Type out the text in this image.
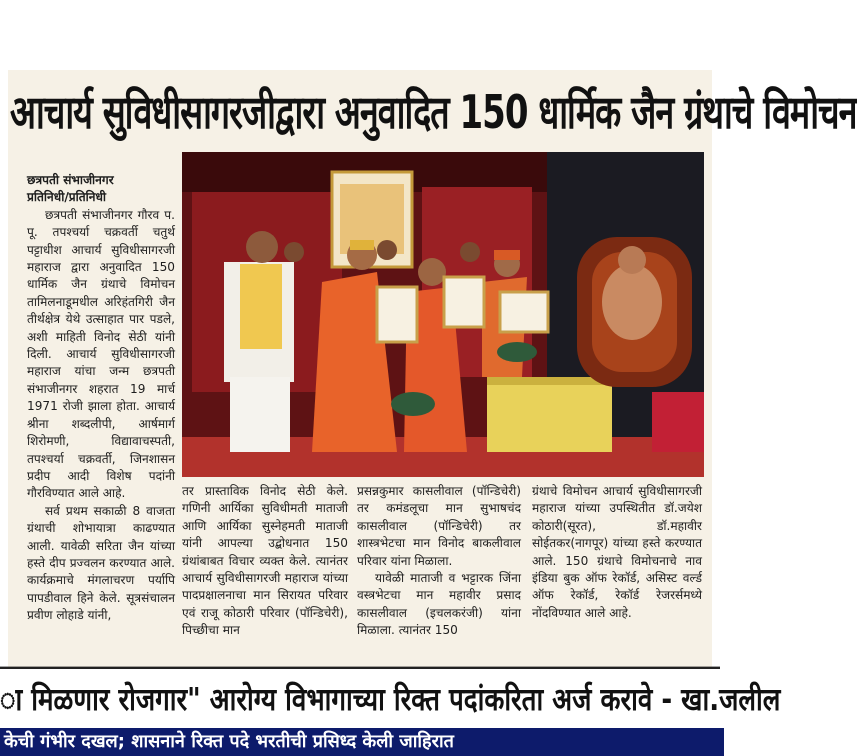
आचार्य सुविधीसागरजीद्वारा अनुवादित 150 धार्मिक जैन ग्रंथाचे विमोचन

छत्रपती संभाजीनगर

प्रतिनिधी/प्रतिनिधी

छत्रपती संभाजीनगर गौरव प. पू. तपश्चर्या चक्रवर्ती चतुर्थ पट्टाधीश आचार्य सुविधीसागरजी महाराज द्वारा अनुवादित 150 धार्मिक जैन ग्रंथाचे विमोचन तामिलनाडूमधील अरिहंतगिरी जैन तीर्थक्षेत्र येथे उत्साहात पार पडले, अशी माहिती विनोद सेठी यांनी दिली. आचार्य सुविधीसागरजी महाराज यांचा जन्म छत्रपती संभाजीनगर शहरात 19 मार्च 1971 रोजी झाला होता. आचार्य श्रीना शब्दलीपी, आर्षमार्ग शिरोमणी, विद्यावाचस्पती, तपश्चर्या चक्रवर्ती, जिनशासन प्रदीप आदी विशेष पदांनी गौरविण्यात आले आहे.

सर्व प्रथम सकाळी 8 वाजता ग्रंथाची शोभायात्रा काढण्यात आली. यावेळी सरिता जैन यांच्या हस्ते दीप प्रज्वलन करण्यात आले. कार्यक्रमाचे मंगलाचरण पर्यापि पापडीवाल हिने केले. सूत्रसंचालन प्रवीण लोहाडे यांनी,

तर प्रास्ताविक विनोद सेठी केले. गणिनी आर्यिका सुविधीमती माताजी आणि आर्यिका सुस्नेहमती माताजी यांनी आपल्या उद्बोधनात 150 ग्रंथांबाबत विचार व्यक्त केले. त्यानंतर आचार्य सुविधीसागरजी महाराज यांच्या पादप्रक्षालनाचा मान सिरायत परिवार एवं राजू कोठारी परिवार (पॉन्डिचेरी), पिच्छीचा मान

प्रसन्नकुमार कासलीवाल (पॉन्डिचेरी) तर कमंडलूचा मान सुभाषचंद कासलीवाल (पॉन्डिचेरी) तर शास्त्रभेटचा मान विनोद बाकलीवाल परिवार यांना मिळाला.

यावेळी माताजी व भट्टारक जिंना वस्त्रभेटचा मान महावीर प्रसाद कासलीवाल (इचलकरंजी) यांना मिळाला. त्यानंतर 150

ग्रंथाचे विमोचन आचार्य सुविधीसागरजी महाराज यांच्या उपस्थितीत डॉ.जयेश कोठारी(सूरत), डॉ.महावीर सोईतकर(नागपूर) यांच्या हस्ते करण्यात आले. 150 ग्रंथाचे विमोचनाचे नाव इंडिया बुक ऑफ रेकॉर्ड, असिस्ट वर्ल्ड ऑफ रेकॉर्ड, रेकॉर्ड रेजरर्समध्ये नोंदविण्यात आले आहे.

ा मिळणार रोजगार" आरोग्य विभागाच्या रिक्त पदांकरिता अर्ज करावे - खा.जलील
केची गंभीर दखल; शासनाने रिक्त पदे भरतीची प्रसिध्द केली जाहिरात
